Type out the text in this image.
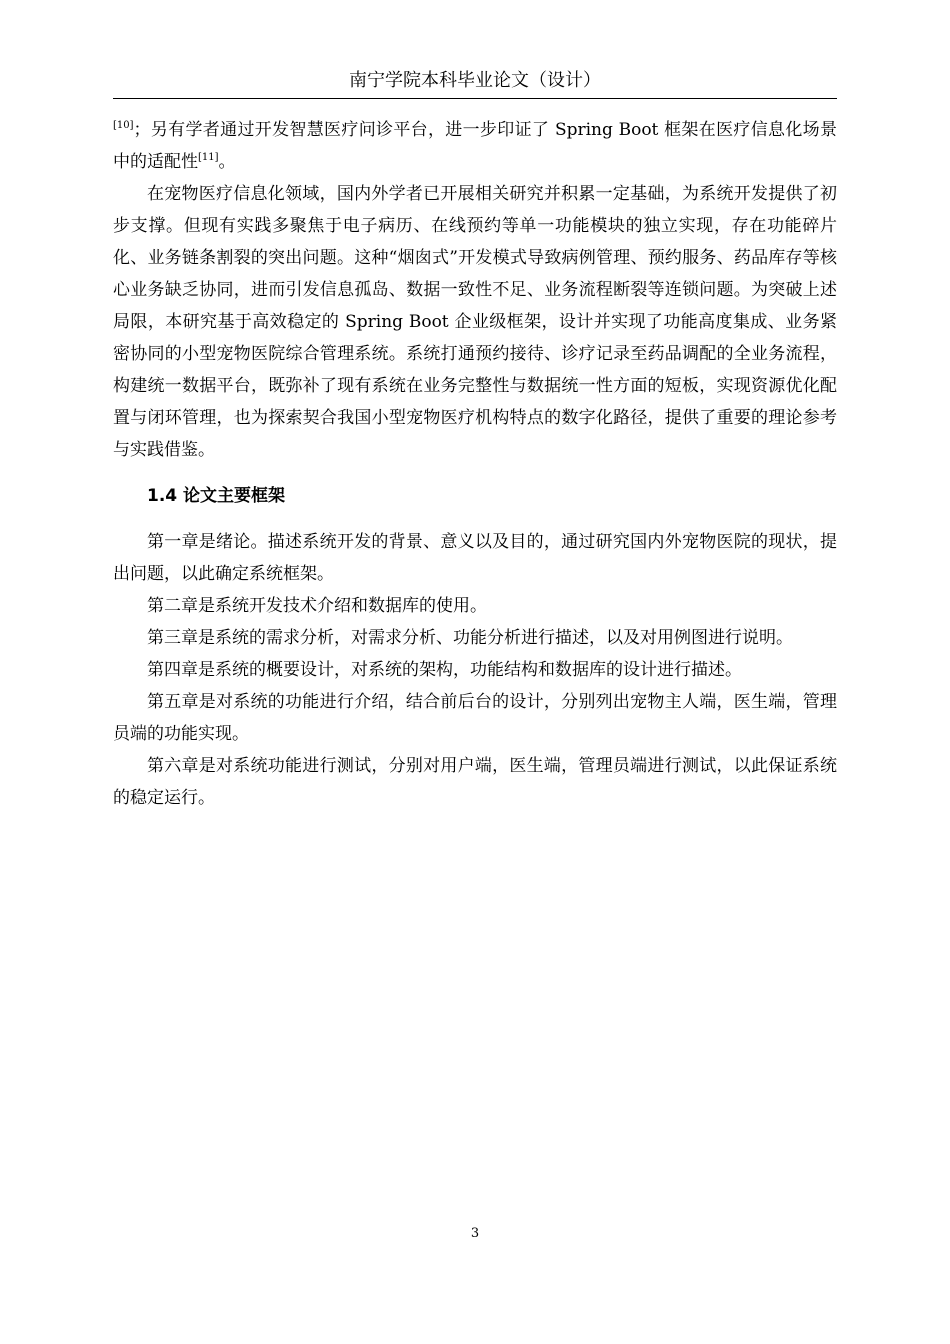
南宁学院本科毕业论文（设计）

[10]；另有学者通过开发智慧医疗问诊平台，进一步印证了 Spring Boot 框架在医疗信息化场景中的适配性[11]。

在宠物医疗信息化领域，国内外学者已开展相关研究并积累一定基础，为系统开发提供了初步支撑。但现有实践多聚焦于电子病历、在线预约等单一功能模块的独立实现，存在功能碎片化、业务链条割裂的突出问题。这种“烟囱式”开发模式导致病例管理、预约服务、药品库存等核心业务缺乏协同，进而引发信息孤岛、数据一致性不足、业务流程断裂等连锁问题。为突破上述局限，本研究基于高效稳定的 Spring Boot 企业级框架，设计并实现了功能高度集成、业务紧密协同的小型宠物医院综合管理系统。系统打通预约接待、诊疗记录至药品调配的全业务流程，构建统一数据平台，既弥补了现有系统在业务完整性与数据统一性方面的短板，实现资源优化配置与闭环管理，也为探索契合我国小型宠物医疗机构特点的数字化路径，提供了重要的理论参考与实践借鉴。

1.4 论文主要框架

第一章是绪论。描述系统开发的背景、意义以及目的，通过研究国内外宠物医院的现状，提出问题，以此确定系统框架。

第二章是系统开发技术介绍和数据库的使用。

第三章是系统的需求分析，对需求分析、功能分析进行描述，以及对用例图进行说明。

第四章是系统的概要设计，对系统的架构，功能结构和数据库的设计进行描述。

第五章是对系统的功能进行介绍，结合前后台的设计，分别列出宠物主人端，医生端，管理员端的功能实现。

第六章是对系统功能进行测试，分别对用户端，医生端，管理员端进行测试，以此保证系统的稳定运行。

3
